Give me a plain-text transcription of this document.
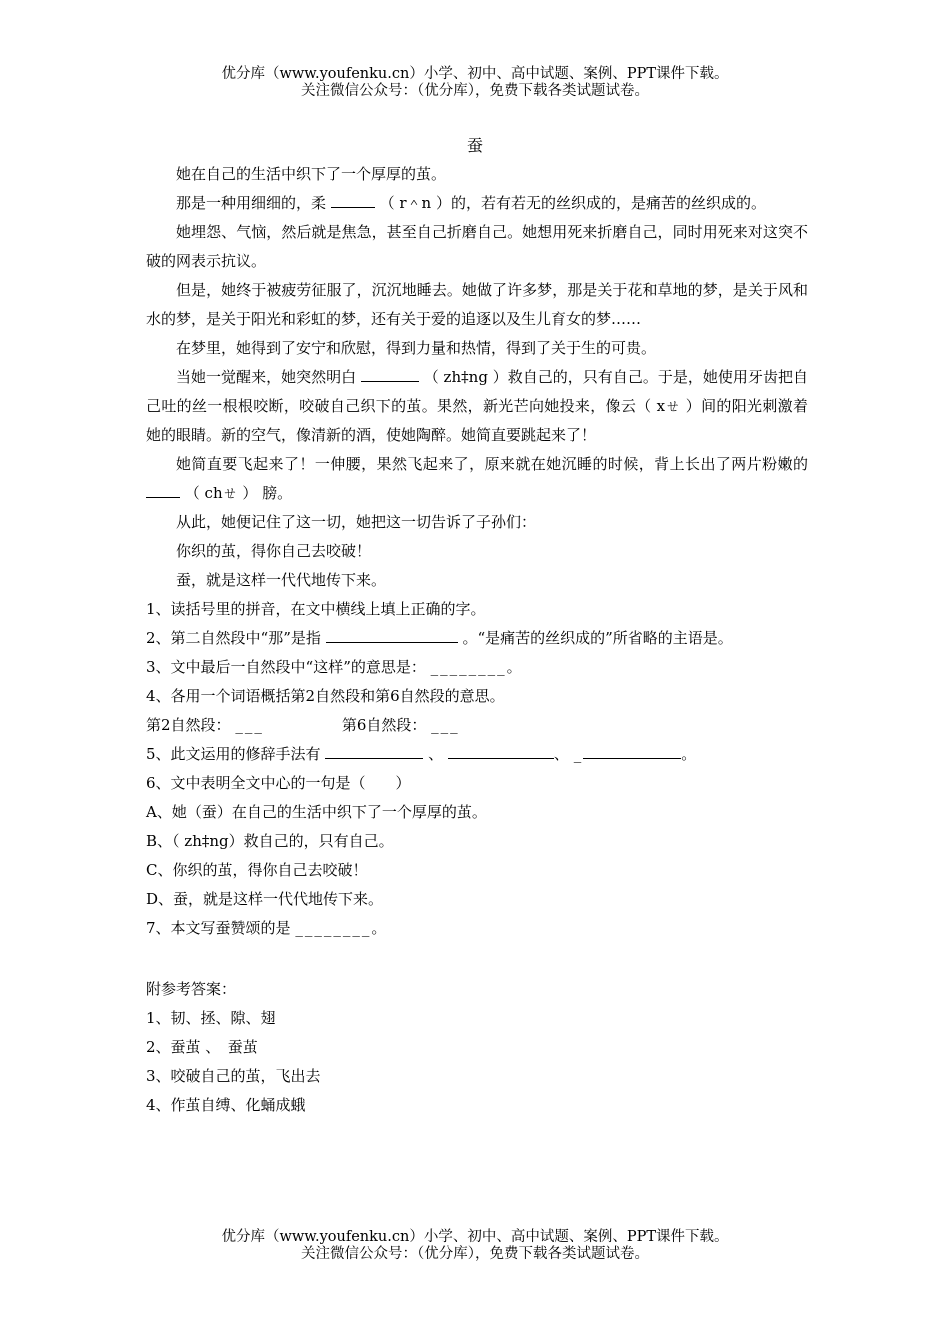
优分库（www.youfenku.cn）小学、初中、高中试题、案例、PPT课件下载。
关注微信公众号：（优分库），免费下载各类试题试卷。
蚕

她在自己的生活中织下了一个厚厚的茧。

那是一种用细细的，柔	（ r＾n ）的，若有若无的丝织成的，是痛苦的丝织成的。

她埋怨、气恼，然后就是焦急，甚至自己折磨自己。她想用死来折磨自己，同时用死来对这突不破的网表示抗议。

但是，她终于被疲劳征服了，沉沉地睡去。她做了许多梦，那是关于花和草地的梦，是关于风和水的梦，是关于阳光和彩虹的梦，还有关于爱的追逐以及生儿育女的梦……

在梦里，她得到了安宁和欣慰，得到力量和热情，得到了关于生的可贵。

当她一觉醒来，她突然明白	（ zh‡ng ）救自己的，只有自己。于是，她使用牙齿把自己吐的丝一根根咬断，咬破自己织下的茧。果然，新光芒向她投来，像云（ xㄝ ）间的阳光刺激着她的眼睛。新的空气，像清新的酒，使她陶醉。她简直要跳起来了！

她简直要飞起来了！一伸腰，果然飞起来了，原来就在她沉睡的时候，背上长出了两片粉嫩的  （ chㄝ ） 膀。

从此，她便记住了这一切，她把这一切告诉了子孙们：

你织的茧，得你自己去咬破！

蚕，就是这样一代代地传下来。

1、读括号里的拼音，在文中横线上填上正确的字。

2、第二自然段中“那”是指	。“是痛苦的丝织成的”所省略的主语是。

3、文中最后一自然段中“这样”的意思是： ________。

4、各用一个词语概括第2自然段和第6自然段的意思。

第2自然段： ___	第6自然段： ___

5、此文运用的修辞手法有	、	、 _	。

6、文中表明全文中心的一句是（　　）

A、她（蚕）在自己的生活中织下了一个厚厚的茧。

B、（ zh‡ng）救自己的，只有自己。

C、你织的茧，得你自己去咬破！

D、蚕，就是这样一代代地传下来。

7、本文写蚕赞颂的是 ________。

附参考答案：

1、韧、拯、隙、翅

2、蚕茧 、　蚕茧

3、咬破自己的茧，飞出去

4、作茧自缚、化蛹成蛾

优分库（www.youfenku.cn）小学、初中、高中试题、案例、PPT课件下载。
关注微信公众号：（优分库），免费下载各类试题试卷。
